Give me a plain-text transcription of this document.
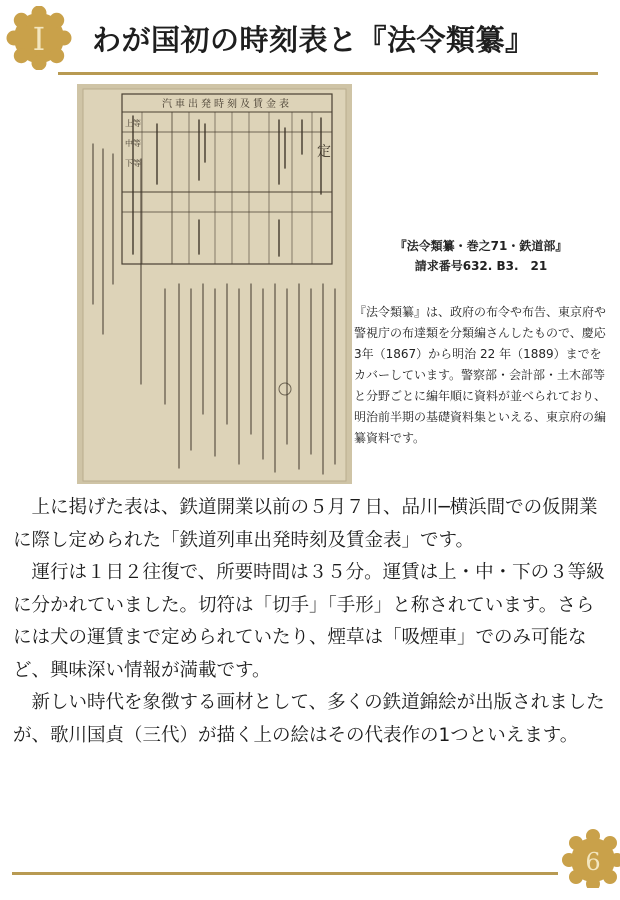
I わが国初の時刻表と『法令類纂』
汽車出発時刻及賃金表
定
上等
中等
下等
『法令類纂・巻之71・鉄道部』
請求番号632. B3.　21

『法令類纂』は、政府の布令や布告、東京府や警視庁の布達類を分類編さんしたもので、慶応3年（1867）から明治 22 年（1889）までをカバーしています。警察部・会計部・土木部等と分野ごとに編年順に資料が並べられており、明治前半期の基礎資料集といえる、東京府の編纂資料です。

　上に掲げた表は、鉄道開業以前の５月７日、品川─横浜間での仮開業に際し定められた「鉄道列車出発時刻及賃金表」です。

　運行は１日２往復で、所要時間は３５分。運賃は上・中・下の３等級に分かれていました。切符は「切手」「手形」と称されています。さらには犬の運賃まで定められていたり、煙草は「吸煙車」でのみ可能など、興味深い情報が満載です。

　新しい時代を象徴する画材として、多くの鉄道錦絵が出版されましたが、歌川国貞（三代）が描く上の絵はその代表作の1つといえます。

6
